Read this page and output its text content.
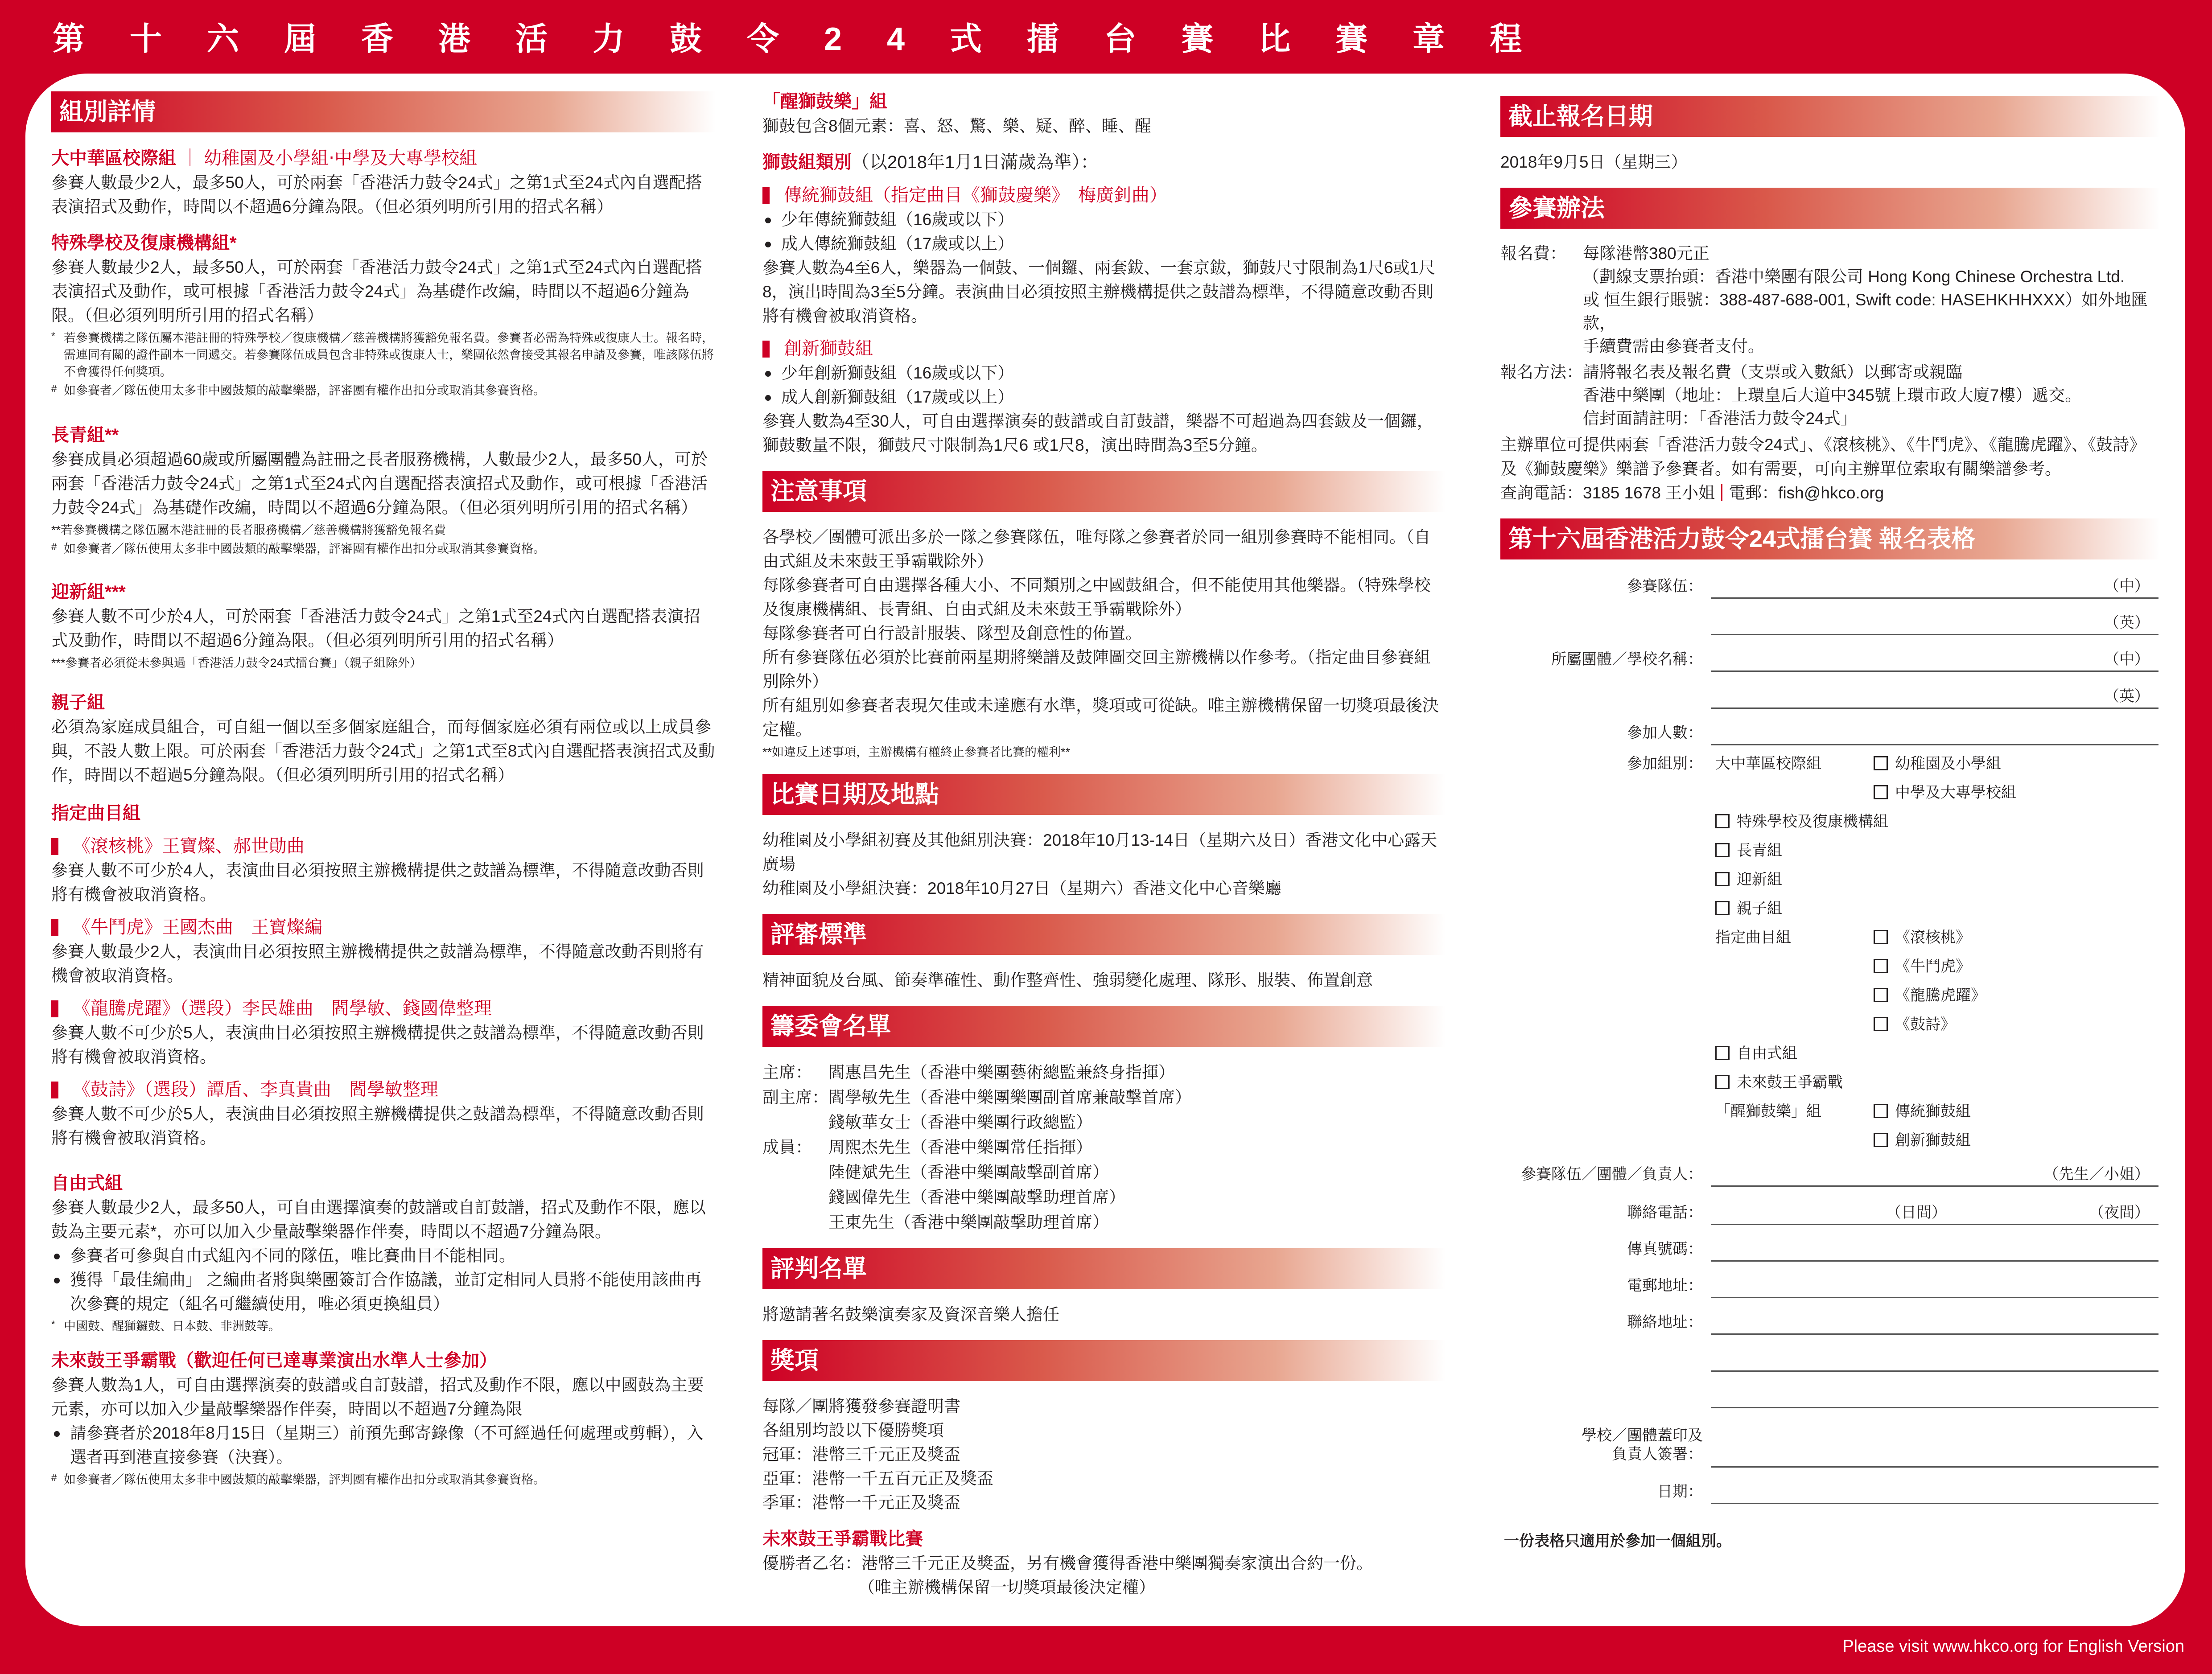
第十六屆香港活力鼓令24式擂台賽比賽章程
組別詳情
大中華區校際組 ｜ 幼稚園及小學組‧中學及大專學校組
參賽人數最少2人，最多50人，可於兩套「香港活力鼓令24式」之第1式至24式內自選配搭表演招式及動作，時間以不超過6分鐘為限。（但必須列明所引用的招式名稱）
特殊學校及復康機構組*
參賽人數最少2人，最多50人，可於兩套「香港活力鼓令24式」之第1式至24式內自選配搭表演招式及動作，或可根據「香港活力鼓令24式」為基礎作改編，時間以不超過6分鐘為限。（但必須列明所引用的招式名稱）
* 若參賽機構之隊伍屬本港註冊的特殊學校／復康機構／慈善機構將獲豁免報名費。參賽者必需為特殊或復康人士。報名時，需連同有關的證件副本一同遞交。若參賽隊伍成員包含非特殊或復康人士，樂團依然會接受其報名申請及參賽，唯該隊伍將不會獲得任何獎項。
# 如參賽者／隊伍使用太多非中國鼓類的敲擊樂器，評審團有權作出扣分或取消其參賽資格。
長青組**
參賽成員必須超過60歲或所屬團體為註冊之長者服務機構，人數最少2人，最多50人，可於兩套「香港活力鼓令24式」之第1式至24式內自選配搭表演招式及動作，或可根據「香港活力鼓令24式」為基礎作改編，時間以不超過6分鐘為限。（但必須列明所引用的招式名稱）
**若參賽機構之隊伍屬本港註冊的長者服務機構／慈善機構將獲豁免報名費
# 如參賽者／隊伍使用太多非中國鼓類的敲擊樂器，評審團有權作出扣分或取消其參賽資格。
迎新組***
參賽人數不可少於4人，可於兩套「香港活力鼓令24式」之第1式至24式內自選配搭表演招式及動作，時間以不超過6分鐘為限。（但必須列明所引用的招式名稱）
***參賽者必須從未參與過「香港活力鼓令24式擂台賽」（親子組除外）
親子組
必須為家庭成員組合，可自組一個以至多個家庭組合，而每個家庭必須有兩位或以上成員參與，不設人數上限。可於兩套「香港活力鼓令24式」之第1式至8式內自選配搭表演招式及動作，時間以不超過5分鐘為限。（但必須列明所引用的招式名稱）
指定曲目組
《滾核桃》王寶燦、郝世勛曲
參賽人數不可少於4人，表演曲目必須按照主辦機構提供之鼓譜為標準，不得隨意改動否則將有機會被取消資格。
《牛鬥虎》王國杰曲　王寶燦編
參賽人數最少2人，表演曲目必須按照主辦機構提供之鼓譜為標準，不得隨意改動否則將有機會被取消資格。
《龍騰虎躍》（選段）李民雄曲　閻學敏、錢國偉整理
參賽人數不可少於5人，表演曲目必須按照主辦機構提供之鼓譜為標準，不得隨意改動否則將有機會被取消資格。
《鼓詩》（選段）譚盾、李真貴曲　閻學敏整理
參賽人數不可少於5人，表演曲目必須按照主辦機構提供之鼓譜為標準，不得隨意改動否則將有機會被取消資格。
自由式組
參賽人數最少2人，最多50人，可自由選擇演奏的鼓譜或自訂鼓譜，招式及動作不限，應以鼓為主要元素*，亦可以加入少量敲擊樂器作伴奏，時間以不超過7分鐘為限。
參賽者可參與自由式組內不同的隊伍，唯比賽曲目不能相同。
獲得「最佳編曲」 之編曲者將與樂團簽訂合作協議，並訂定相同人員將不能使用該曲再次參賽的規定（組名可繼續使用，唯必須更換組員）
* 中國鼓、醒獅鑼鼓、日本鼓、非洲鼓等。
未來鼓王爭霸戰（歡迎任何已達專業演出水準人士參加）
參賽人數為1人，可自由選擇演奏的鼓譜或自訂鼓譜，招式及動作不限，應以中國鼓為主要元素，亦可以加入少量敲擊樂器作伴奏，時間以不超過7分鐘為限
請參賽者於2018年8月15日（星期三）前預先郵寄錄像（不可經過任何處理或剪輯），入選者再到港直接參賽（決賽）。
# 如參賽者／隊伍使用太多非中國鼓類的敲擊樂器，評判團有權作出扣分或取消其參賽資格。
「醒獅鼓樂」組
獅鼓包含8個元素：喜、怒、驚、樂、疑、醉、睡、醒
獅鼓組類別（以2018年1月1日滿歲為準）：
傳統獅鼓組（指定曲目《獅鼓慶樂》　梅廣釗曲）
少年傳統獅鼓組（16歲或以下）
成人傳統獅鼓組（17歲或以上）
參賽人數為4至6人，樂器為一個鼓、一個鑼、兩套鈸、一套京鈸，獅鼓尺寸限制為1尺6或1尺8，演出時間為3至5分鐘。表演曲目必須按照主辦機構提供之鼓譜為標準，不得隨意改動否則將有機會被取消資格。
創新獅鼓組
少年創新獅鼓組（16歲或以下）
成人創新獅鼓組（17歲或以上）
參賽人數為4至30人，可自由選擇演奏的鼓譜或自訂鼓譜，樂器不可超過為四套鈸及一個鑼，獅鼓數量不限，獅鼓尺寸限制為1尺6 或1尺8，演出時間為3至5分鐘。
注意事項
各學校／團體可派出多於一隊之參賽隊伍，唯每隊之參賽者於同一組別參賽時不能相同。（自由式組及未來鼓王爭霸戰除外）
每隊參賽者可自由選擇各種大小、不同類別之中國鼓組合，但不能使用其他樂器。（特殊學校及復康機構組、長青組、自由式組及未來鼓王爭霸戰除外）
每隊參賽者可自行設計服裝、隊型及創意性的佈置。
所有參賽隊伍必須於比賽前兩星期將樂譜及鼓陣圖交回主辦機構以作參考。（指定曲目參賽組別除外）
所有組別如參賽者表現欠佳或未達應有水準，獎項或可從缺。唯主辦機構保留一切獎項最後決定權。
**如違反上述事項，主辦機構有權終止參賽者比賽的權利**
比賽日期及地點
幼稚園及小學組初賽及其他組別決賽：2018年10月13-14日（星期六及日）香港文化中心露天廣場
幼稚園及小學組決賽：2018年10月27日（星期六）香港文化中心音樂廳
評審標準
精神面貌及台風、節奏準確性、動作整齊性、強弱變化處理、隊形、服裝、佈置創意
籌委會名單
主席：	閻惠昌先生（香港中樂團藝術總監兼終身指揮）
副主席： 閻學敏先生（香港中樂團樂團副首席兼敲擊首席）
錢敏華女士（香港中樂團行政總監）
成員：	周熙杰先生（香港中樂團常任指揮）
陸健斌先生（香港中樂團敲擊副首席）
錢國偉先生（香港中樂團敲擊助理首席）
王東先生（香港中樂團敲擊助理首席）
評判名單
將邀請著名鼓樂演奏家及資深音樂人擔任
獎項
每隊／團將獲發參賽證明書
各組別均設以下優勝獎項
冠軍：港幣三千元正及獎盃
亞軍：港幣一千五百元正及獎盃
季軍：港幣一千元正及獎盃
未來鼓王爭霸戰比賽
優勝者乙名：港幣三千元正及獎盃，另有機會獲得香港中樂團獨奏家演出合約一份。
（唯主辦機構保留一切獎項最後決定權）
截止報名日期
2018年9月5日（星期三）
參賽辦法
報名費：	每隊港幣380元正
（劃線支票抬頭：香港中樂團有限公司 Hong Kong Chinese Orchestra Ltd.
或 恒生銀行賬號：388-487-688-001, Swift code: HASEHKHHXXX）如外地匯款，
手續費需由參賽者支付。
報名方法： 請將報名表及報名費（支票或入數紙）以郵寄或親臨
香港中樂團（地址：上環皇后大道中345號上環市政大廈7樓）遞交。
信封面請註明：「香港活力鼓令24式」
主辦單位可提供兩套「香港活力鼓令24式」、《滾核桃》、《牛鬥虎》、《龍騰虎躍》、《鼓詩》及《獅鼓慶樂》樂譜予參賽者。如有需要，可向主辦單位索取有關樂譜參考。
查詢電話：3185 1678 王小姐 電郵：fish@hkco.org
第十六屆香港活力鼓令24式擂台賽 報名表格
參賽隊伍：	（中）
（英）
所屬團體／學校名稱：	（中）
（英）
參加人數：
參加組別： 大中華區校際組	幼稚園及小學組
中學及大專學校組
特殊學校及復康機構組
長青組
迎新組
親子組
指定曲目組	《滾核桃》
《牛鬥虎》
《龍騰虎躍》
《鼓詩》
自由式組
未來鼓王爭霸戰
「醒獅鼓樂」組	傳統獅鼓組
創新獅鼓組
參賽隊伍／團體／負責人：	（先生／小姐）
聯絡電話：	（日間）	（夜間）
傳真號碼：
電郵地址：
聯絡地址：
學校／團體蓋印及
負責人簽署：
日期：
一份表格只適用於參加一個組別。
Please visit www.hkco.org for English Version
